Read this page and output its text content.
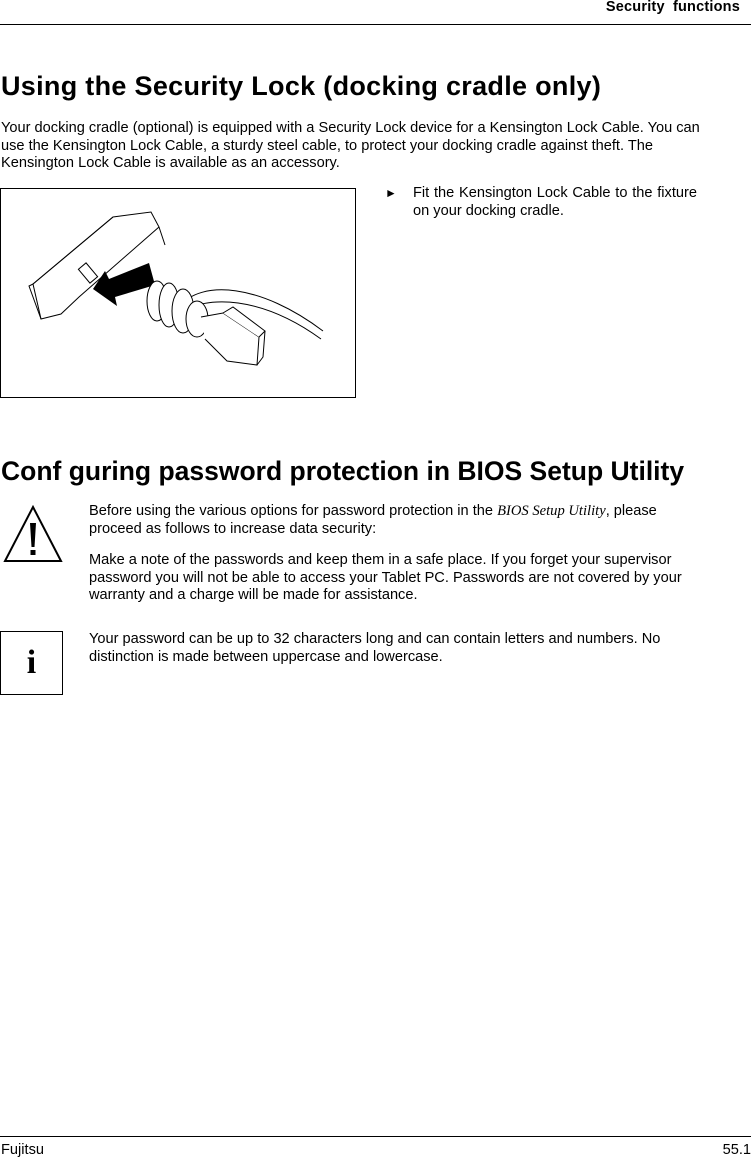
Security functions
Using the Security Lock (docking cradle only)

Your docking cradle (optional) is equipped with a Security Lock device for a Kensington Lock Cable. You can use the Kensington Lock Cable, a sturdy steel cable, to protect your docking cradle against theft. The Kensington Lock Cable is available as an accessory.

► Fit the Kensington Lock Cable to the fixture on your docking cradle.
Conf guring password protection in BIOS Setup Utility

Before using the various options for password protection in the BIOS Setup Utility, please proceed as follows to increase data security:

Make a note of the passwords and keep them in a safe place. If you forget your supervisor password you will not be able to access your Tablet PC. Passwords are not covered by your warranty and a charge will be made for assistance.

i

Your password can be up to 32 characters long and can contain letters and numbers. No distinction is made between uppercase and lowercase.

Fujitsu	55.1
